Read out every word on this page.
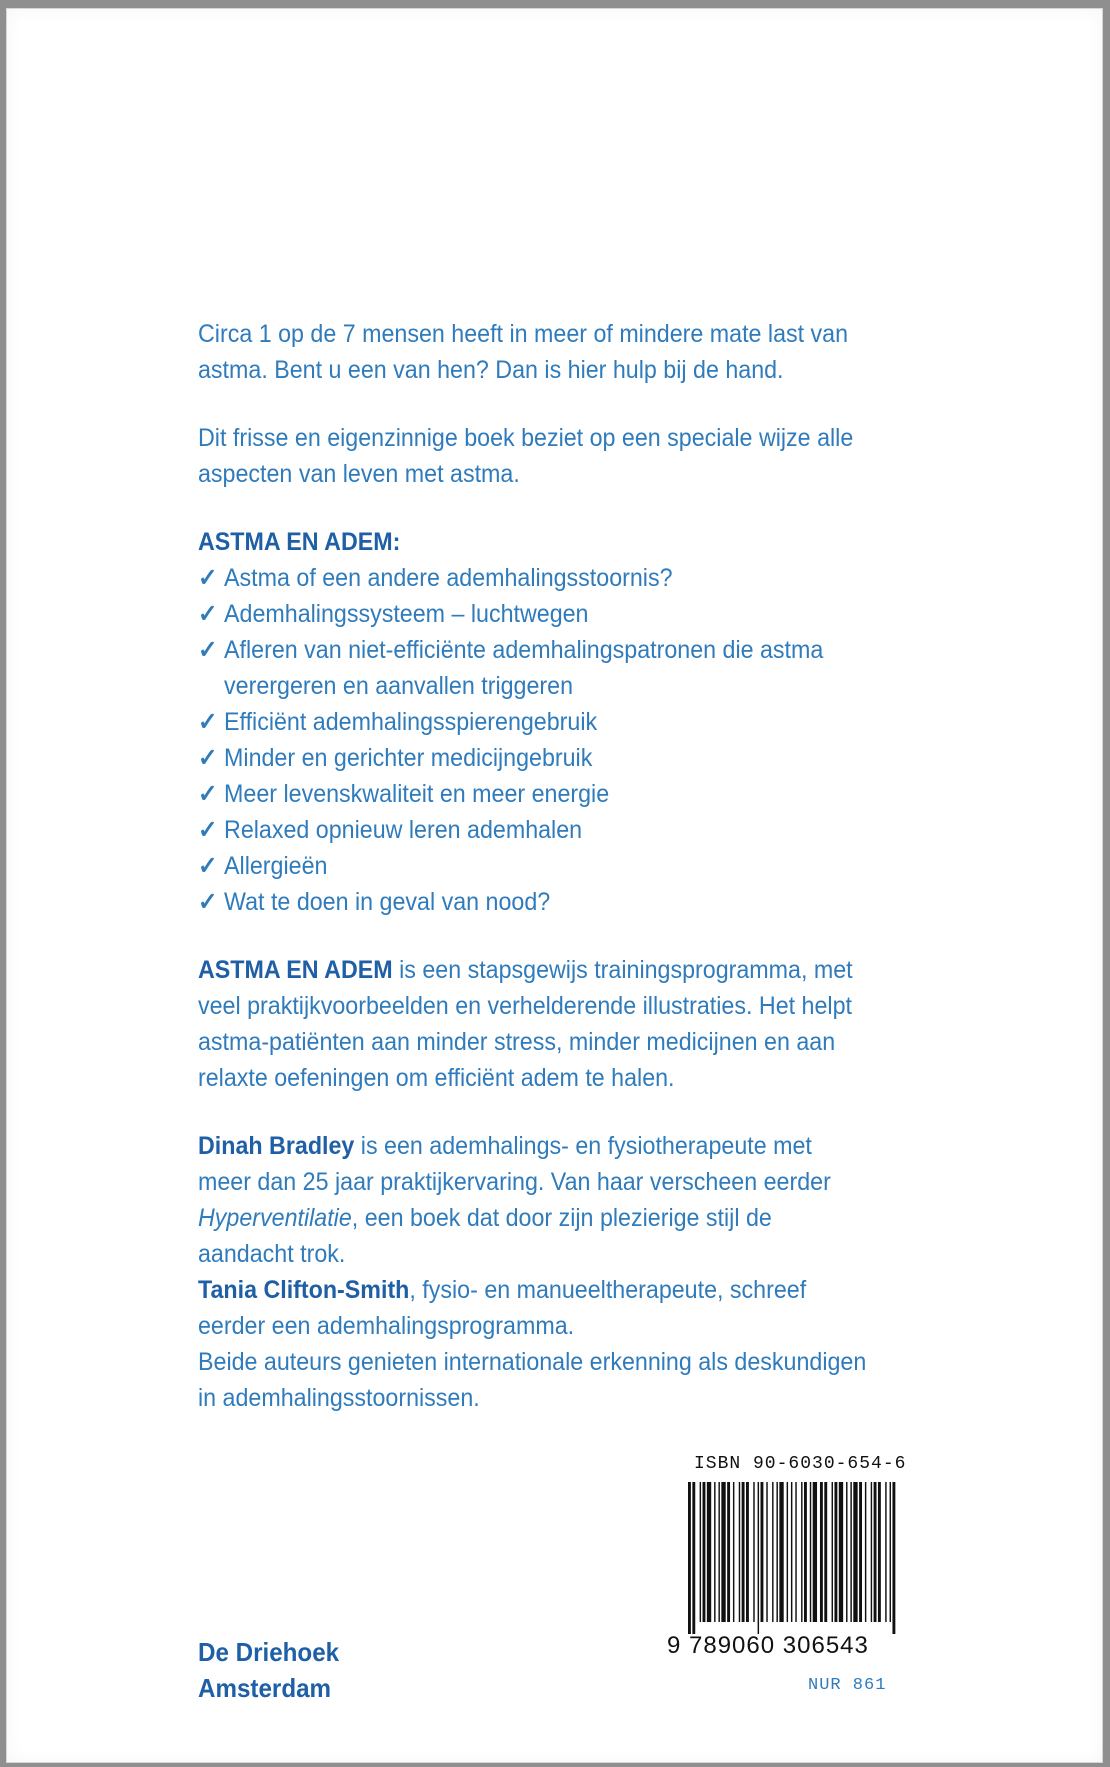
Circa 1 op de 7 mensen heeft in meer of mindere mate last van astma. Bent u een van hen? Dan is hier hulp bij de hand.

Dit frisse en eigenzinnige boek beziet op een speciale wijze alle aspecten van leven met astma.

ASTMA EN ADEM:

✓ Astma of een andere ademhalingsstoornis?
✓ Ademhalingssysteem – luchtwegen
✓ Afleren van niet-efficiënte ademhalingspatronen die astma verergeren en aanvallen triggeren
✓ Efficiënt ademhalingsspierengebruik
✓ Minder en gerichter medicijngebruik
✓ Meer levenskwaliteit en meer energie
✓ Relaxed opnieuw leren ademhalen
✓ Allergieën
✓ Wat te doen in geval van nood?

ASTMA EN ADEM is een stapsgewijs trainingsprogramma, met veel praktijkvoorbeelden en verhelderende illustraties. Het helpt astma-patiënten aan minder stress, minder medicijnen en aan relaxte oefeningen om efficiënt adem te halen.

Dinah Bradley is een ademhalings- en fysiotherapeute met meer dan 25 jaar praktijkervaring. Van haar verscheen eerder Hyperventilatie, een boek dat door zijn plezierige stijl de aandacht trok.

Tania Clifton-Smith, fysio- en manueeltherapeute, schreef eerder een ademhalingsprogramma.

Beide auteurs genieten internationale erkenning als deskundigen in ademhalingsstoornissen.

ISBN 90-6030-654-6
9 789060 306543
NUR 861
De Driehoek
Amsterdam
